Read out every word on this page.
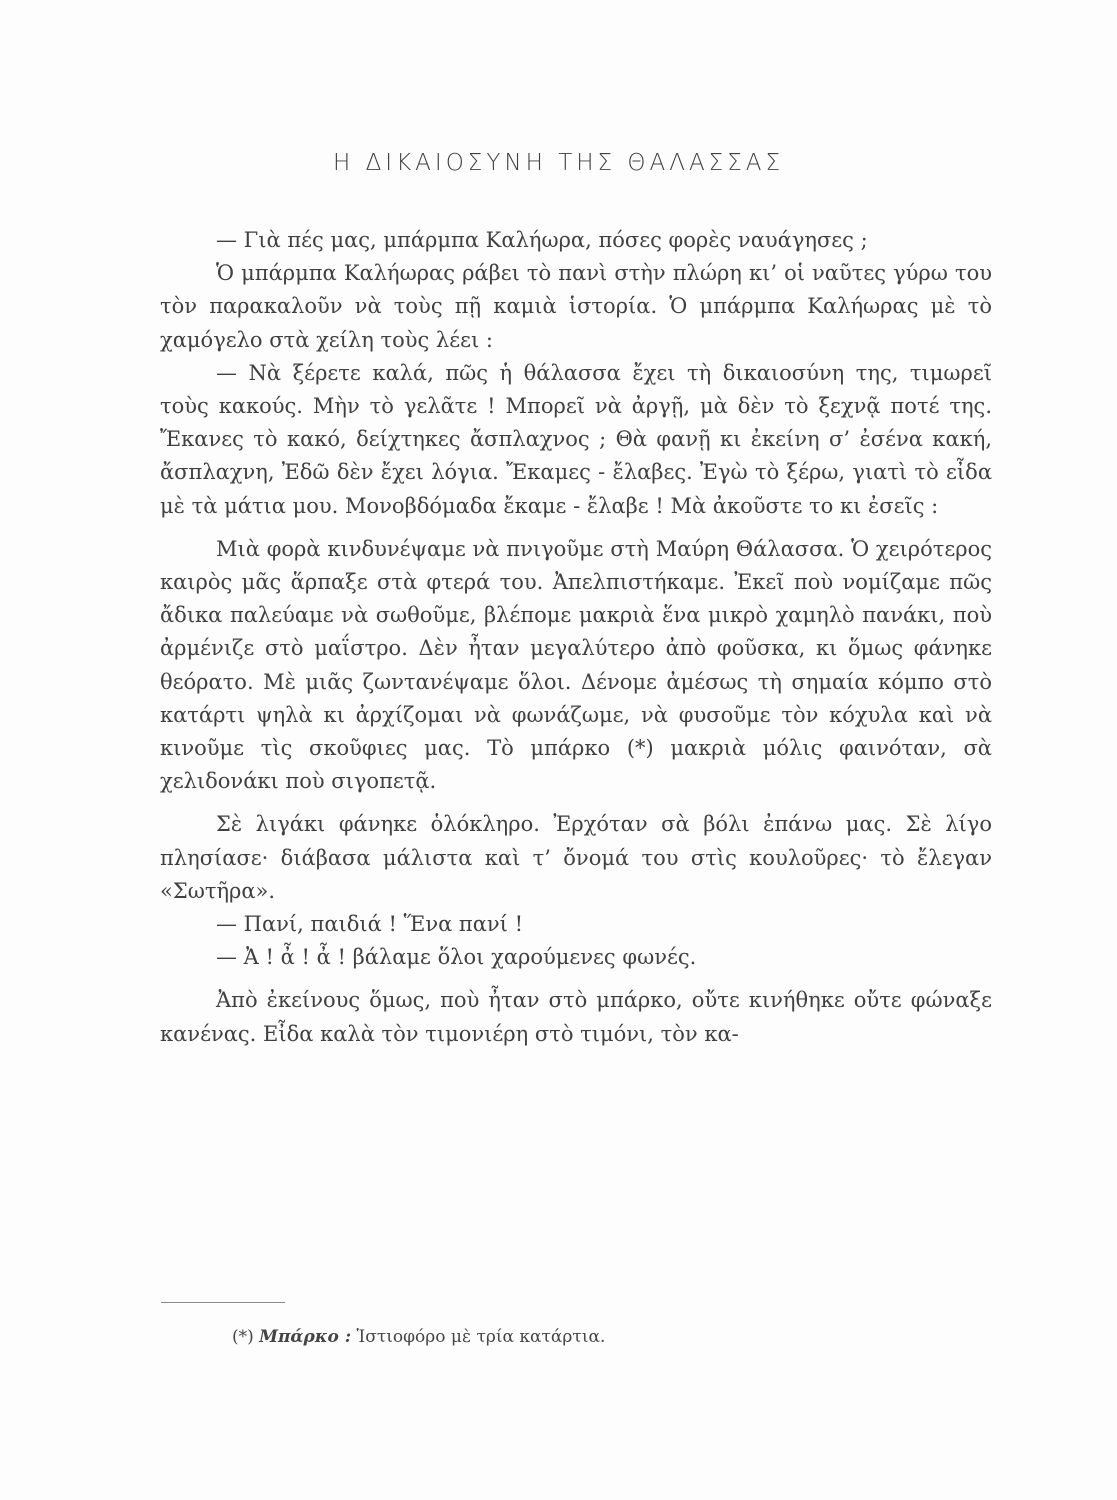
Η ΔΙΚΑΙΟΣΥΝΗ ΤΗΣ ΘΑΛΑΣΣΑΣ

— Γιὰ πές μας, μπάρμπα Καλήωρα, πόσες φορὲς ναυάγησες ;

Ὁ μπάρμπα Καλήωρας ράβει τὸ πανὶ στὴν πλώρη κι’ οἱ ναῦτες γύρω του τὸν παρακαλοῦν νὰ τοὺς πῇ καμιὰ ἱστορία. Ὁ μπάρμπα Καλήωρας μὲ τὸ χαμόγελο στὰ χείλη τοὺς λέει :

— Νὰ ξέρετε καλά, πῶς ἡ θάλασσα ἔχει τὴ δικαιοσύνη της, τιμωρεῖ τοὺς κακούς. Μὴν τὸ γελᾶτε ! Μπορεῖ νὰ ἀργῇ, μὰ δὲν τὸ ξεχνᾷ ποτέ της. Ἔκανες τὸ κακό, δείχτηκες ἄσπλαχνος ; Θὰ φανῇ κι ἐκείνη σ’ ἐσένα κακή, ἄσπλαχνη, Ἐδῶ δὲν ἔχει λόγια. Ἔκαμες - ἔλαβες. Ἐγὼ τὸ ξέρω, γιατὶ τὸ εἶδα μὲ τὰ μάτια μου. Μονοβδόμαδα ἔκαμε - ἔλαβε ! Μὰ ἀκοῦστε το κι ἐσεῖς :

Μιὰ φορὰ κινδυνέψαμε νὰ πνιγοῦμε στὴ Μαύρη Θάλασσα. Ὁ χειρότερος καιρὸς μᾶς ἅρπαξε στὰ φτερά του. Ἀπελπιστήκαμε. Ἐκεῖ ποὺ νομίζαμε πῶς ἄδικα παλεύαμε νὰ σωθοῦμε, βλέπομε μακριὰ ἕνα μικρὸ χαμηλὸ πανάκι, ποὺ ἀρμένιζε στὸ μαΐστρο. Δὲν ἦταν μεγαλύτερο ἀπὸ φοῦσκα, κι ὅμως φάνηκε θεόρατο. Μὲ μιᾶς ζωντανέψαμε ὅλοι. Δένομε ἀμέσως τὴ σημαία κόμπο στὸ κατάρτι ψηλὰ κι ἀρχίζομαι νὰ φωνάζωμε, νὰ φυσοῦμε τὸν κόχυλα καὶ νὰ κινοῦμε τὶς σκοῦφιες μας. Τὸ μπάρκο (*) μακριὰ μόλις φαινόταν, σὰ χελιδονάκι ποὺ σιγοπετᾷ.

Σὲ λιγάκι φάνηκε ὁλόκληρο. Ἐρχόταν σὰ βόλι ἐπάνω μας. Σὲ λίγο πλησίασε· διάβασα μάλιστα καὶ τ’ ὄνομά του στὶς κουλοῦρες· τὸ ἔλεγαν «Σωτῆρα».

— Πανί, παιδιά ! Ἕνα πανί !

— Ἀ ! ἆ ! ἆ ! βάλαμε ὅλοι χαρούμενες φωνές.

Ἀπὸ ἐκείνους ὅμως, ποὺ ἦταν στὸ μπάρκο, οὔτε κινήθηκε οὔτε φώναξε κανένας. Εἶδα καλὰ τὸν τιμονιέρη στὸ τιμόνι, τὸν κα-

(*) Μπάρκο : Ἱστιοφόρο μὲ τρία κατάρτια.
